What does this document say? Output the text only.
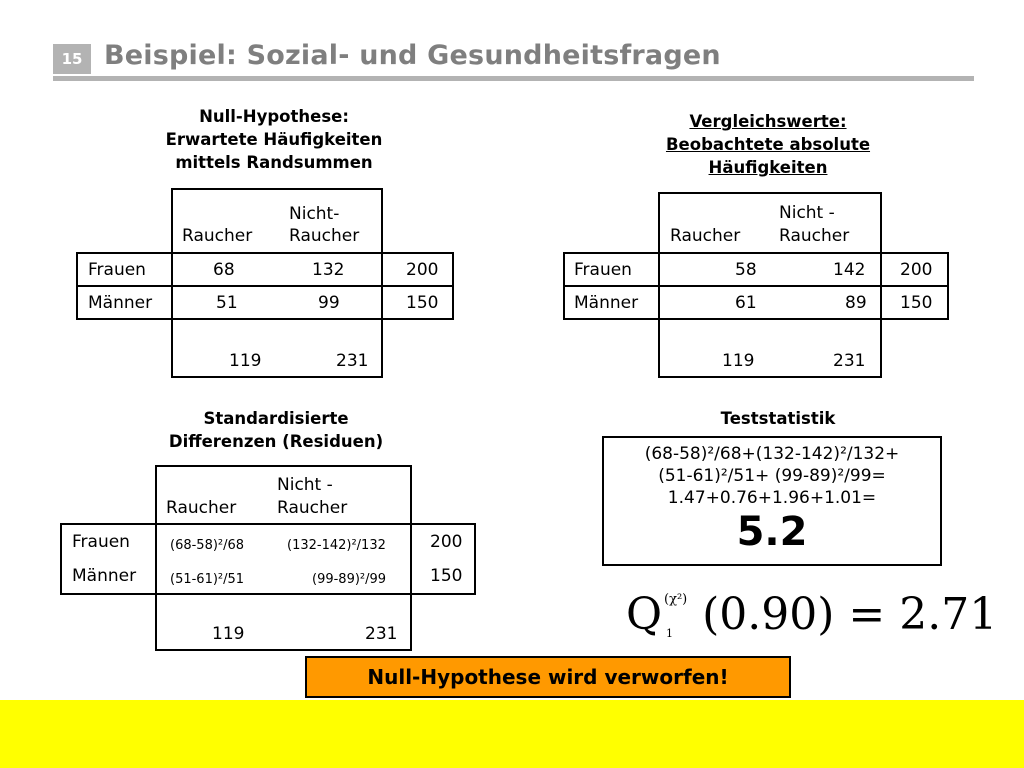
15 Beispiel: Sozial- und Gesundheitsfragen
Null-Hypothese:
Erwartete Häufigkeiten
mittels Randsummen
Raucher
Nicht-
Raucher
Frauen	68	132	200
Männer	51	99	150
119	231
Vergleichswerte:
Beobachtete absolute
Häufigkeiten
Raucher
Nicht -
Raucher
Frauen	58	142 200
Männer	61	89 150
119	231
Standardisierte
Differenzen (Residuen)
Raucher
Nicht -
Raucher
Frauen	(68-58)²/68	(132-142)²/132	200
Männer	(51-61)²/51	(99-89)²/99	150
119	231
Teststatistik
(68-58)²/68+(132-142)²/132+
(51-61)²/51+ (99-89)²/99=
1.47+0.76+1.96+1.01=
5.2
Q (0.90) = 2.71
(χ²)
1
Null-Hypothese wird verworfen!
